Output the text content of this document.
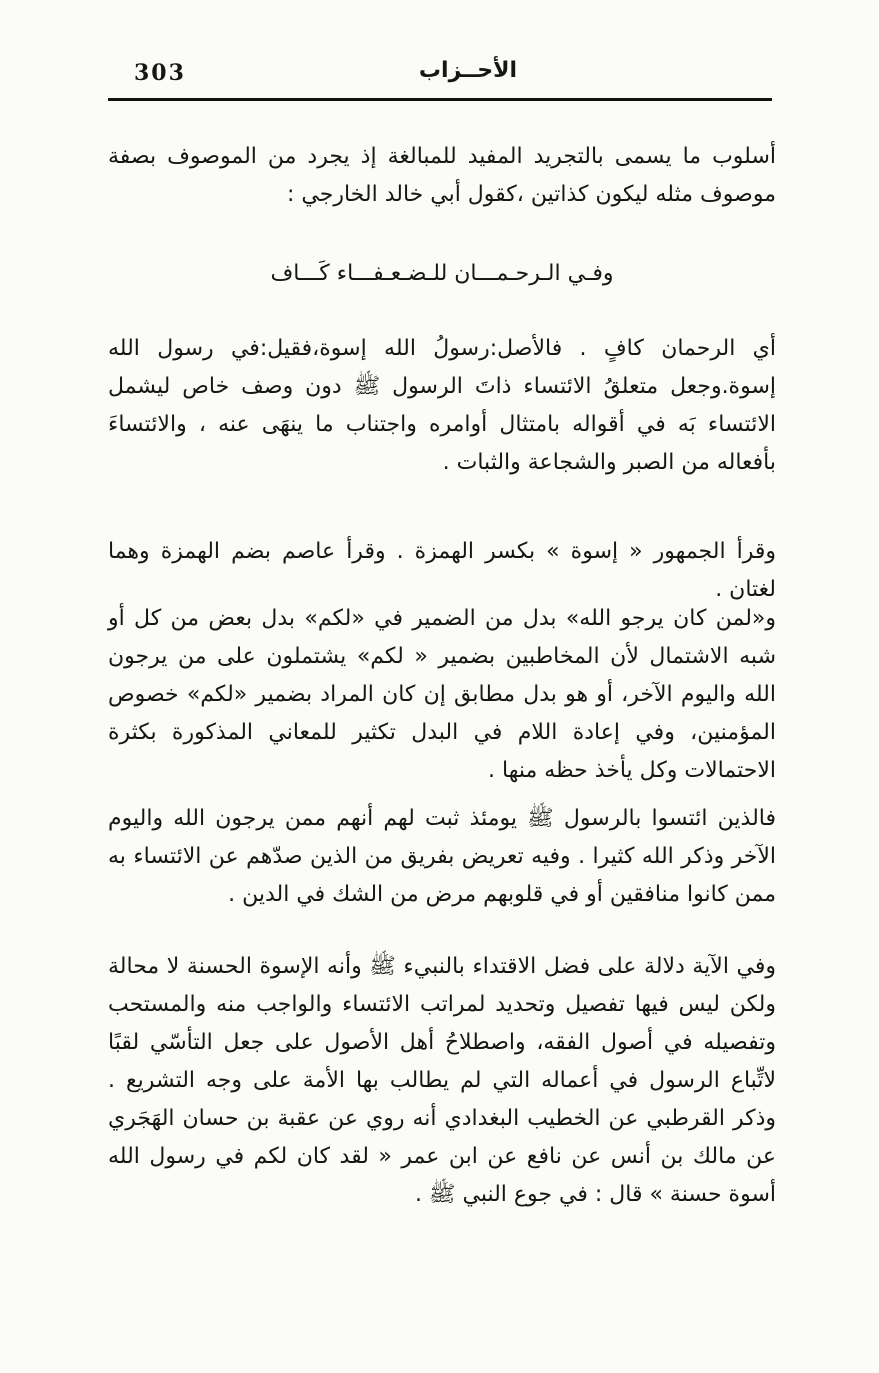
303	الأحــزاب

أسلوب ما يسمى بالتجريد المفيد للمبالغة إذ يجرد من الموصوف بصفة موصوف مثله ليكون كذاتين ،كقول أبي خالد الخارجي :

وفـي الـرحـمـــان للـضـعـفـــاء كَـــاف

أي الرحمان كافٍ . فالأصل:رسولُ الله إسوة،فقيل:في رسول الله إسوة.وجعل متعلقُ الائتساء ذاتَ الرسول ﷺ دون وصف خاص ليشمل الائتساء بَه في أقواله بامتثال أوامره واجتناب ما ينهَى عنه ، والائتساءَ بأفعاله من الصبر والشجاعة والثبات .

وقرأ الجمهور « إسوة » بكسر الهمزة . وقرأ عاصم بضم الهمزة وهما لغتان .

و«لمن كان يرجو الله» بدل من الضمير في «لكم» بدل بعض من كل أو شبه الاشتمال لأن المخاطبين بضمير « لكم» يشتملون على من يرجون الله واليوم الآخر، أو هو بدل مطابق إن كان المراد بضمير «لكم» خصوص المؤمنين، وفي إعادة اللام في البدل تكثير للمعاني المذكورة بكثرة الاحتمالات وكل يأخذ حظه منها .

فالذين ائتسوا بالرسول ﷺ يومئذ ثبت لهم أنهم ممن يرجون الله واليوم الآخر وذكر الله كثيرا . وفيه تعريض بفريق من الذين صدّهم عن الائتساء به ممن كانوا منافقين أو في قلوبهم مرض من الشك في الدين .

وفي الآية دلالة على فضل الاقتداء بالنبيء ﷺ وأنه الإسوة الحسنة لا محالة ولكن ليس فيها تفصيل وتحديد لمراتب الائتساء والواجب منه والمستحب وتفصيله في أصول الفقه، واصطلاحُ أهل الأصول على جعل التأسّي لقبًا لاتِّباع الرسول في أعماله التي لم يطالب بها الأمة على وجه التشريع . وذكر القرطبي عن الخطيب البغدادي أنه روي عن عقبة بن حسان الهَجَري عن مالك بن أنس عن نافع عن ابن عمر « لقد كان لكم في رسول الله أسوة حسنة » قال : في جوع النبي ﷺ .
